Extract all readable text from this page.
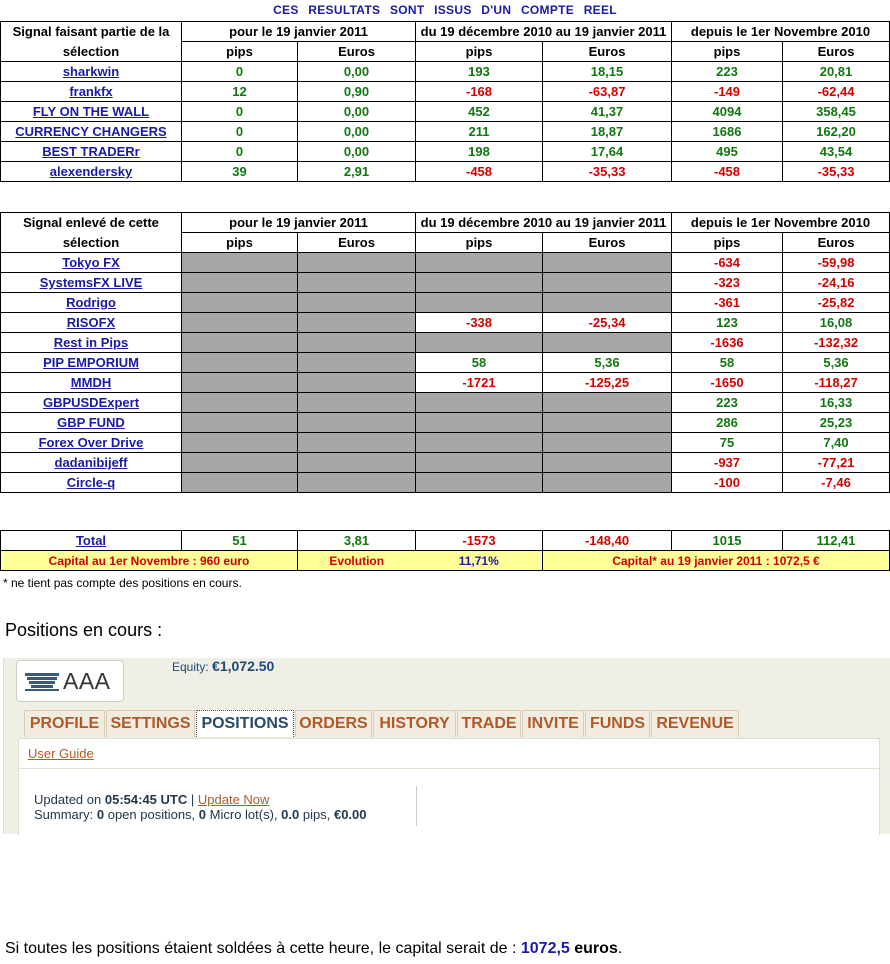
CES RESULTATS SONT ISSUS D'UN COMPTE REEL
Signal faisant partie de la	pour le 19 janvier 2011		du 19 décembre 2010 au 19 janvier 2011		depuis le 1er Novembre 2010	
sélection	pips	Euros	pips	Euros	pips	Euros
sharkwin	0	0,00	193	18,15	223	20,81
frankfx	12	0,90	-168	-63,87	-149	-62,44
FLY ON THE WALL	0	0,00	452	41,37	4094	358,45
CURRENCY CHANGERS	0	0,00	211	18,87	1686	162,20
BEST TRADERr	0	0,00	198	17,64	495	43,54
alexendersky	39	2,91	-458	-35,33	-458	-35,33
Signal enlevé de cette	pour le 19 janvier 2011		du 19 décembre 2010 au 19 janvier 2011		depuis le 1er Novembre 2010	
sélection	pips	Euros	pips	Euros	pips	Euros
Tokyo FX					-634	-59,98
SystemsFX LIVE					-323	-24,16
Rodrigo					-361	-25,82
RISOFX			-338	-25,34	123	16,08
Rest in Pips					-1636	-132,32
PIP EMPORIUM			58	5,36	58	5,36
MMDH			-1721	-125,25	-1650	-118,27
GBPUSDExpert					223	16,33
GBP FUND					286	25,23
Forex Over Drive					75	7,40
dadanibijeff					-937	-77,21
Circle-q					-100	-7,46
Total	51	3,81	-1573	-148,40	1015	112,41
Capital au 1er Novembre : 960 euro		Evolution	11,71%	Capital* au 19 janvier 2011 : 1072,5 €		
* ne tient pas compte des positions en cours.
Positions en cours :
AAA
Equity: €1,072.50
PROFILE SETTINGS POSITIONS ORDERS HISTORY TRADE INVITE FUNDS REVENUE
User Guide
Updated on 05:54:45 UTC | Update Now
Summary: 0 open positions, 0 Micro lot(s), 0.0 pips, €0.00
Si toutes les positions étaient soldées à cette heure, le capital serait de : 1072,5 euros.
